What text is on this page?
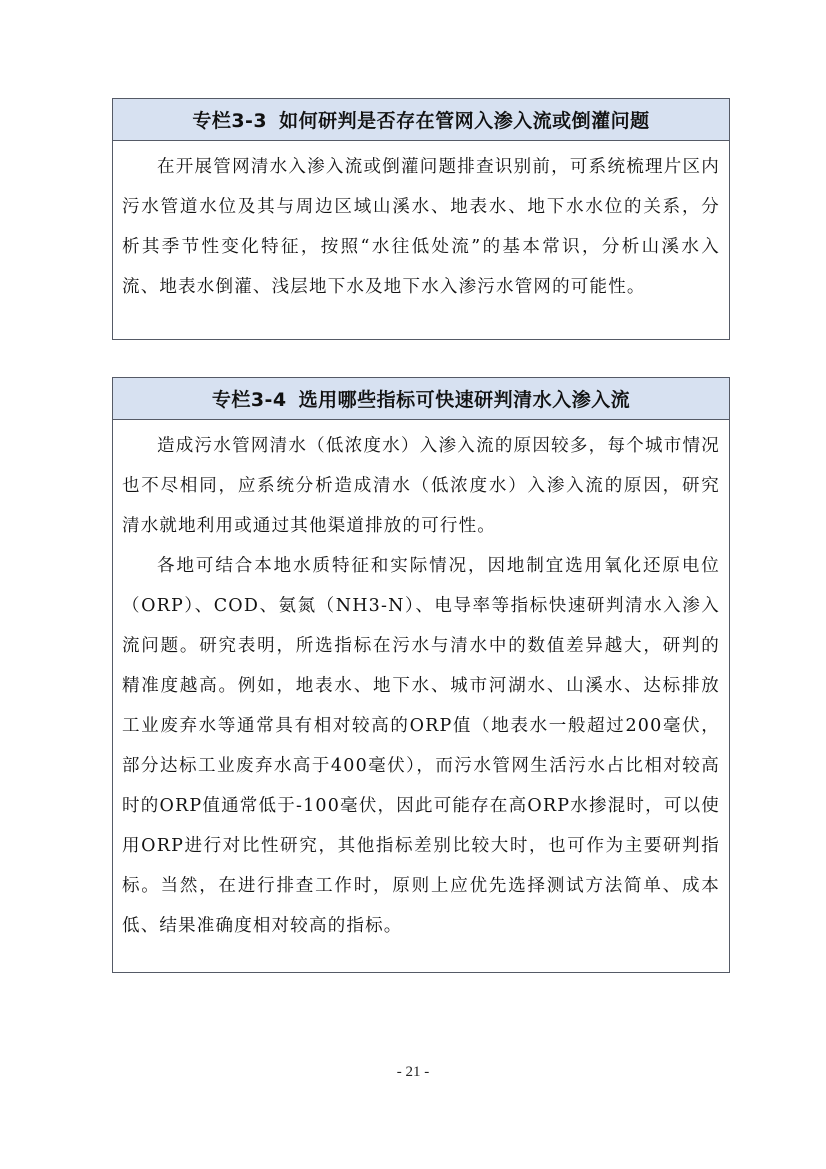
专栏3-3 如何研判是否存在管网入渗入流或倒灌问题

在开展管网清水入渗入流或倒灌问题排查识别前，可系统梳理片区内污水管道水位及其与周边区域山溪水、地表水、地下水水位的关系，分析其季节性变化特征，按照“水往低处流”的基本常识，分析山溪水入流、地表水倒灌、浅层地下水及地下水入渗污水管网的可能性。

专栏3-4 选用哪些指标可快速研判清水入渗入流

造成污水管网清水（低浓度水）入渗入流的原因较多，每个城市情况也不尽相同，应系统分析造成清水（低浓度水）入渗入流的原因，研究清水就地利用或通过其他渠道排放的可行性。

各地可结合本地水质特征和实际情况，因地制宜选用氧化还原电位（ORP）、COD、氨氮（NH3-N）、电导率等指标快速研判清水入渗入流问题。研究表明，所选指标在污水与清水中的数值差异越大，研判的精准度越高。例如，地表水、地下水、城市河湖水、山溪水、达标排放工业废弃水等通常具有相对较高的ORP值（地表水一般超过200毫伏，部分达标工业废弃水高于400毫伏），而污水管网生活污水占比相对较高时的ORP值通常低于-100毫伏，因此可能存在高ORP水掺混时，可以使用ORP进行对比性研究，其他指标差别比较大时，也可作为主要研判指标。当然，在进行排查工作时，原则上应优先选择测试方法简单、成本低、结果准确度相对较高的指标。

- 21 -
